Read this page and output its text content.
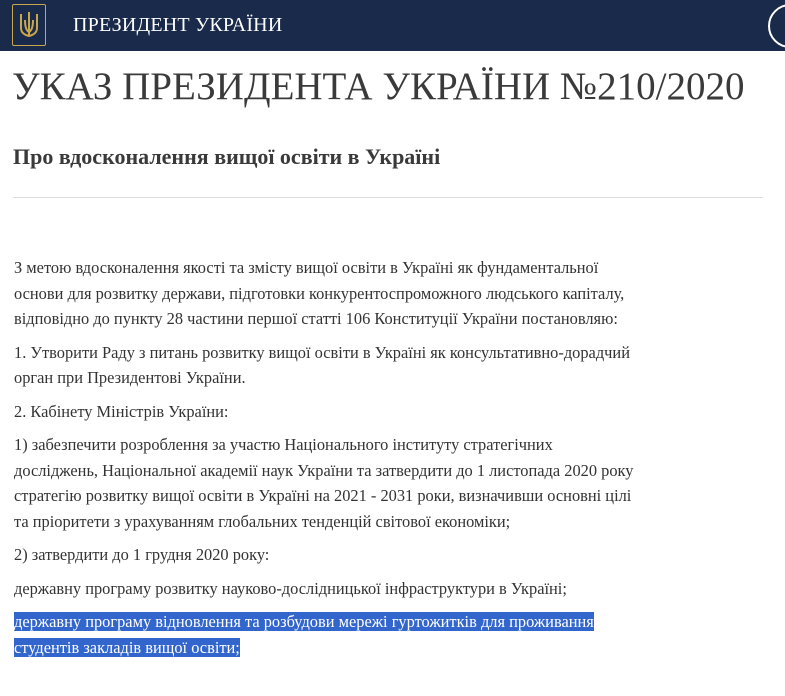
ПРЕЗИДЕНТ УКРАЇНИ
УКАЗ ПРЕЗИДЕНТА УКРАЇНИ №210/2020
Про вдосконалення вищої освіти в Україні

З метою вдосконалення якості та змісту вищої освіти в Україні як фундаментальної
основи для розвитку держави, підготовки конкурентоспроможного людського капіталу,
відповідно до пункту 28 частини першої статті 106 Конституції України постановляю:

1. Утворити Раду з питань розвитку вищої освіти в Україні як консультативно-дорадчий
орган при Президентові України.

2. Кабінету Міністрів України:

1) забезпечити розроблення за участю Національного інституту стратегічних
досліджень, Національної академії наук України та затвердити до 1 листопада 2020 року
стратегію розвитку вищої освіти в Україні на 2021 - 2031 роки, визначивши основні цілі
та пріоритети з урахуванням глобальних тенденцій світової економіки;

2) затвердити до 1 грудня 2020 року:

державну програму розвитку науково-дослідницької інфраструктури в Україні;

державну програму відновлення та розбудови мережі гуртожитків для проживання
студентів закладів вищої освіти;
